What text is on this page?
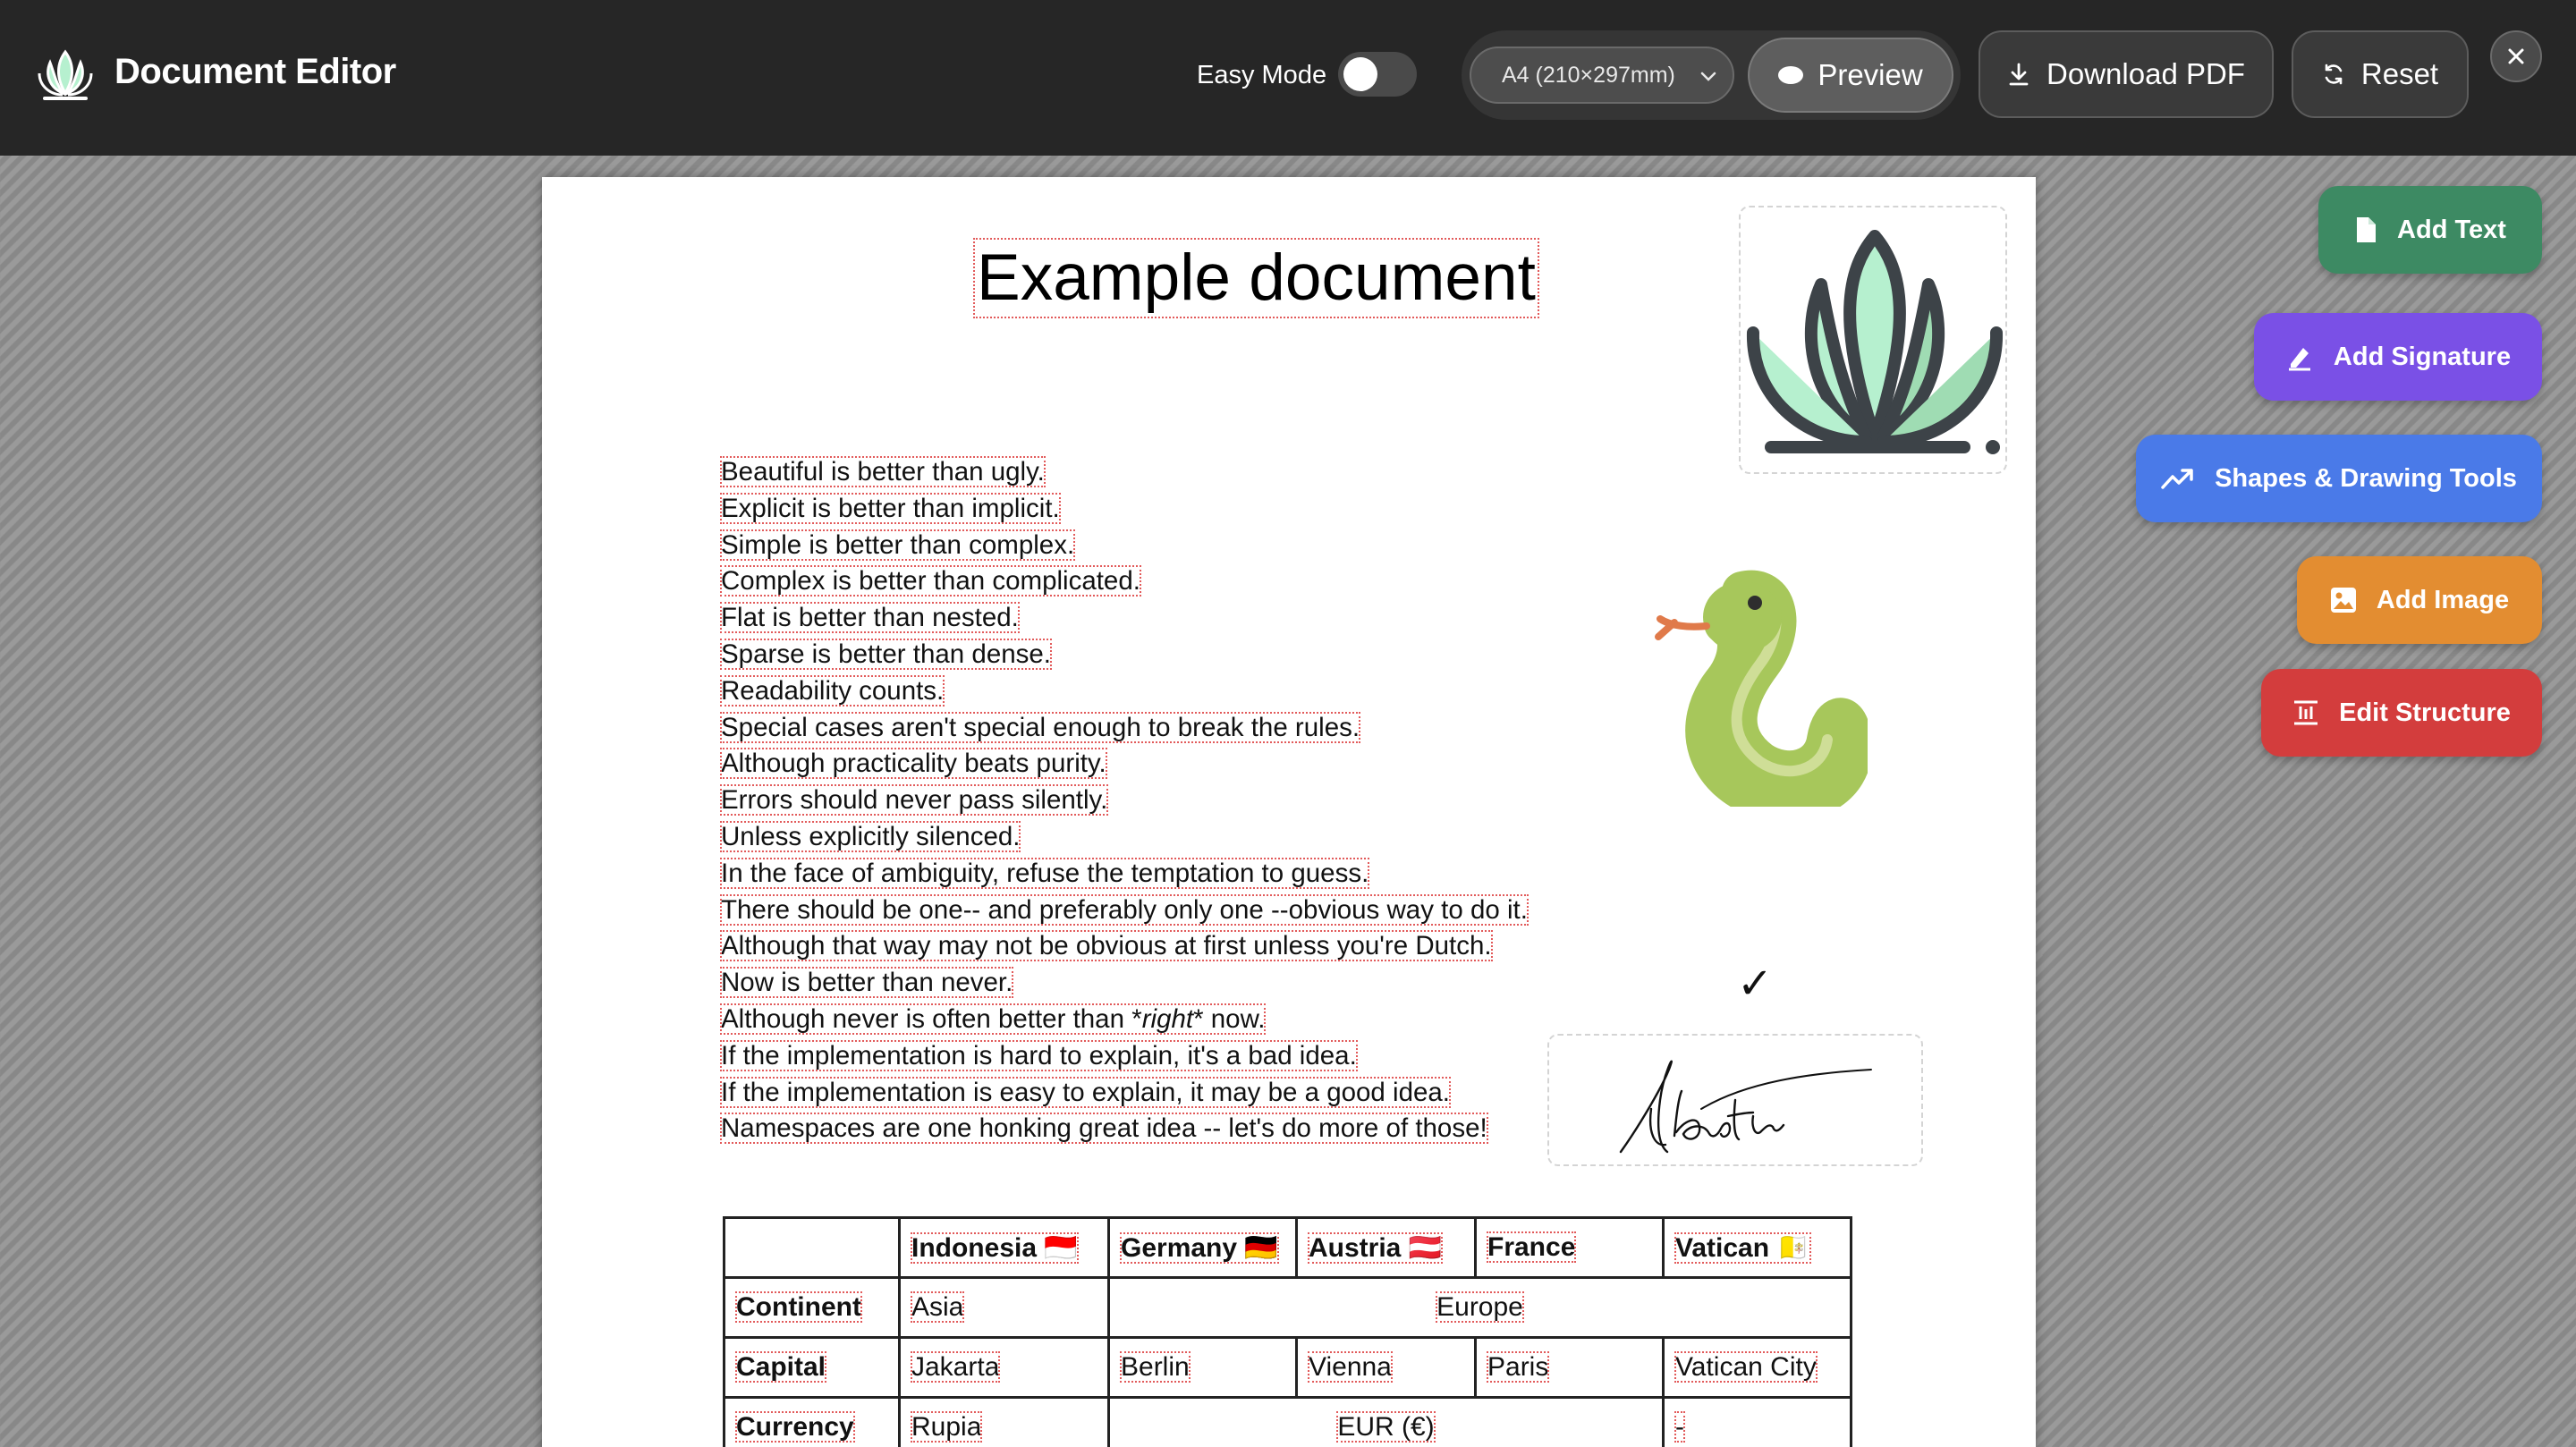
Document Editor	Easy Mode	A4 (210×297mm)	Preview	Download PDF	Reset
Example document
Beautiful is better than ugly.
Explicit is better than implicit.
Simple is better than complex.
Complex is better than complicated.
Flat is better than nested.
Sparse is better than dense.
Readability counts.
Special cases aren't special enough to break the rules.
Although practicality beats purity.
Errors should never pass silently.
Unless explicitly silenced.
In the face of ambiguity, refuse the temptation to guess.
There should be one-- and preferably only one --obvious way to do it.
Although that way may not be obvious at first unless you're Dutch.
Now is better than never.
Although never is often better than *right* now.
If the implementation is hard to explain, it's a bad idea.
If the implementation is easy to explain, it may be a good idea.
Namespaces are one honking great idea -- let's do more of those!
✓
	Indonesia 🇮🇩	Germany 🇩🇪	Austria 🇦🇹	France	Vatican 🇻🇦
Continent	Asia	Europe			
Capital	Jakarta	Berlin	Vienna	Paris	Vatican City
Currency	Rupia	EUR (€)			-
Add Text
Add Signature
Shapes & Drawing Tools
Add Image
Edit Structure
